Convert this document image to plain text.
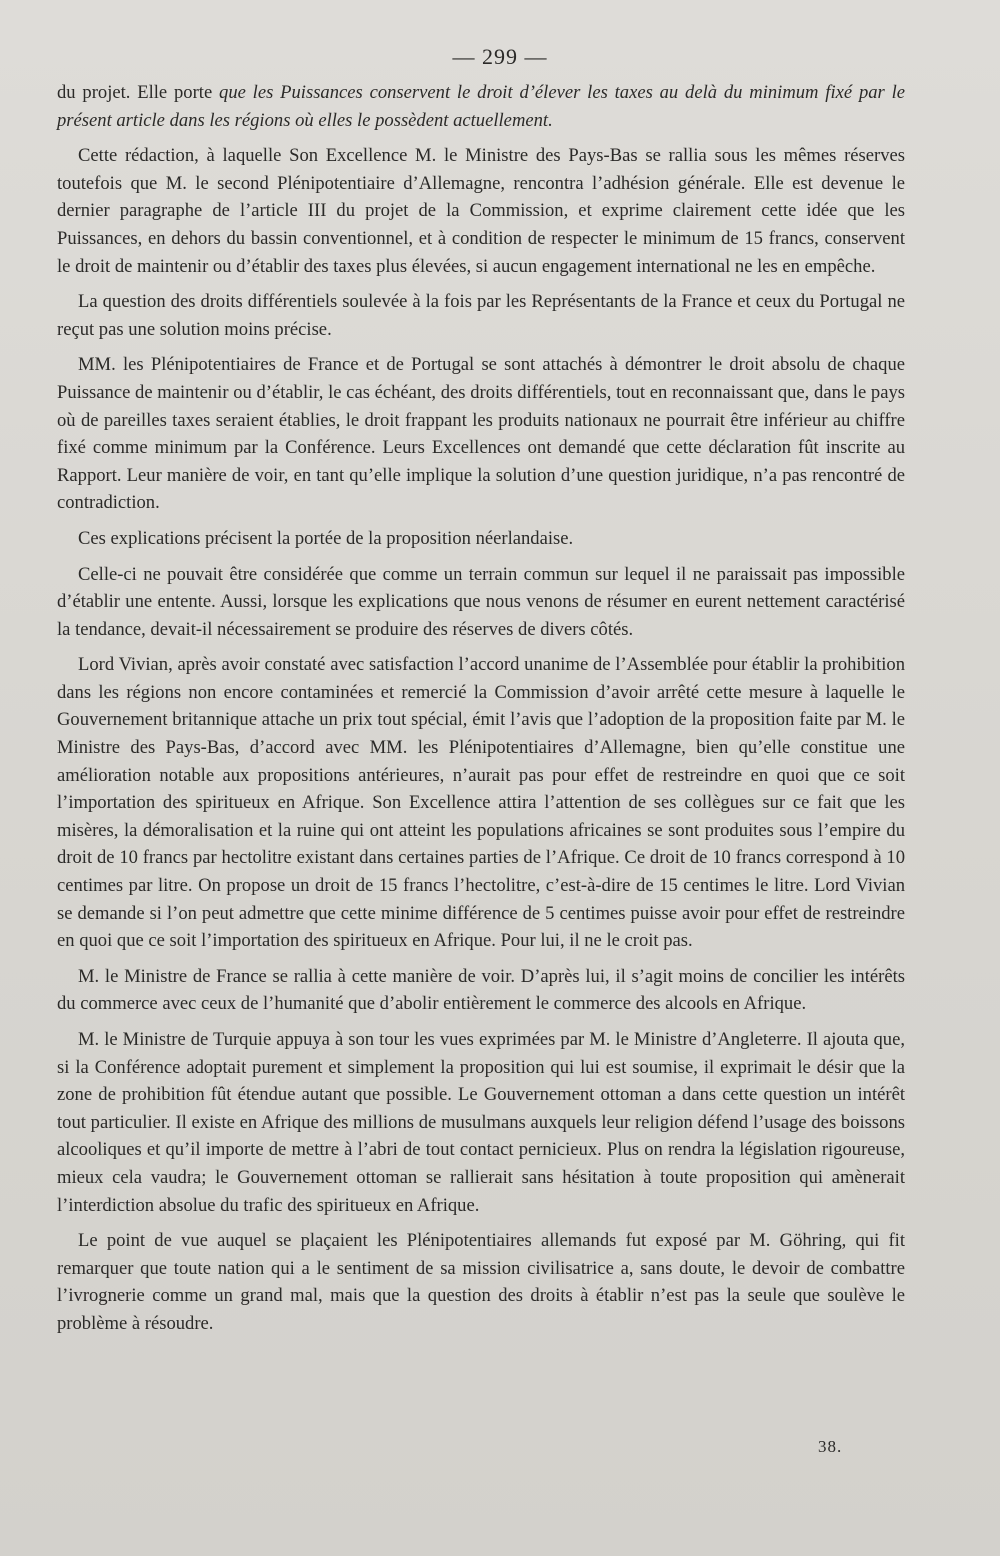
— 299 —

du projet. Elle porte que les Puissances conservent le droit d’élever les taxes au delà du minimum fixé par le présent article dans les régions où elles le possèdent actuellement.

Cette rédaction, à laquelle Son Excellence M. le Ministre des Pays-Bas se rallia sous les mêmes réserves toutefois que M. le second Plénipotentiaire d’Allemagne, rencontra l’adhésion générale. Elle est devenue le dernier paragraphe de l’article III du projet de la Commission, et exprime clairement cette idée que les Puissances, en dehors du bassin conventionnel, et à condition de respecter le minimum de 15 francs, conservent le droit de maintenir ou d’établir des taxes plus élevées, si aucun engagement international ne les en empêche.

La question des droits différentiels soulevée à la fois par les Représentants de la France et ceux du Portugal ne reçut pas une solution moins précise.

MM. les Plénipotentiaires de France et de Portugal se sont attachés à démontrer le droit absolu de chaque Puissance de maintenir ou d’établir, le cas échéant, des droits différentiels, tout en reconnaissant que, dans le pays où de pareilles taxes seraient établies, le droit frappant les produits nationaux ne pourrait être inférieur au chiffre fixé comme minimum par la Conférence. Leurs Excellences ont demandé que cette déclaration fût inscrite au Rapport. Leur manière de voir, en tant qu’elle implique la solution d’une question juridique, n’a pas rencontré de contradiction.

Ces explications précisent la portée de la proposition néerlandaise.

Celle-ci ne pouvait être considérée que comme un terrain commun sur lequel il ne paraissait pas impossible d’établir une entente. Aussi, lorsque les explications que nous venons de résumer en eurent nettement caractérisé la tendance, devait-il nécessairement se produire des réserves de divers côtés.

Lord Vivian, après avoir constaté avec satisfaction l’accord unanime de l’Assemblée pour établir la prohibition dans les régions non encore contaminées et remercié la Commission d’avoir arrêté cette mesure à laquelle le Gouvernement britannique attache un prix tout spécial, émit l’avis que l’adoption de la proposition faite par M. le Ministre des Pays-Bas, d’accord avec MM. les Plénipotentiaires d’Allemagne, bien qu’elle constitue une amélioration notable aux propositions antérieures, n’aurait pas pour effet de restreindre en quoi que ce soit l’importation des spiritueux en Afrique. Son Excellence attira l’attention de ses collègues sur ce fait que les misères, la démoralisation et la ruine qui ont atteint les populations africaines se sont produites sous l’empire du droit de 10 francs par hectolitre existant dans certaines parties de l’Afrique. Ce droit de 10 francs correspond à 10 centimes par litre. On propose un droit de 15 francs l’hectolitre, c’est-à-dire de 15 centimes le litre. Lord Vivian se demande si l’on peut admettre que cette minime différence de 5 centimes puisse avoir pour effet de restreindre en quoi que ce soit l’importation des spiritueux en Afrique. Pour lui, il ne le croit pas.

M. le Ministre de France se rallia à cette manière de voir. D’après lui, il s’agit moins de concilier les intérêts du commerce avec ceux de l’humanité que d’abolir entièrement le commerce des alcools en Afrique.

M. le Ministre de Turquie appuya à son tour les vues exprimées par M. le Ministre d’Angleterre. Il ajouta que, si la Conférence adoptait purement et simplement la proposition qui lui est soumise, il exprimait le désir que la zone de prohibition fût étendue autant que possible. Le Gouvernement ottoman a dans cette question un intérêt tout particulier. Il existe en Afrique des millions de musulmans auxquels leur religion défend l’usage des boissons alcooliques et qu’il importe de mettre à l’abri de tout contact pernicieux. Plus on rendra la législation rigoureuse, mieux cela vaudra; le Gouvernement ottoman se rallierait sans hésitation à toute proposition qui amènerait l’interdiction absolue du trafic des spiritueux en Afrique.

Le point de vue auquel se plaçaient les Plénipotentiaires allemands fut exposé par M. Göhring, qui fit remarquer que toute nation qui a le sentiment de sa mission civilisatrice a, sans doute, le devoir de combattre l’ivrognerie comme un grand mal, mais que la question des droits à établir n’est pas la seule que soulève le problème à résoudre.

38.
